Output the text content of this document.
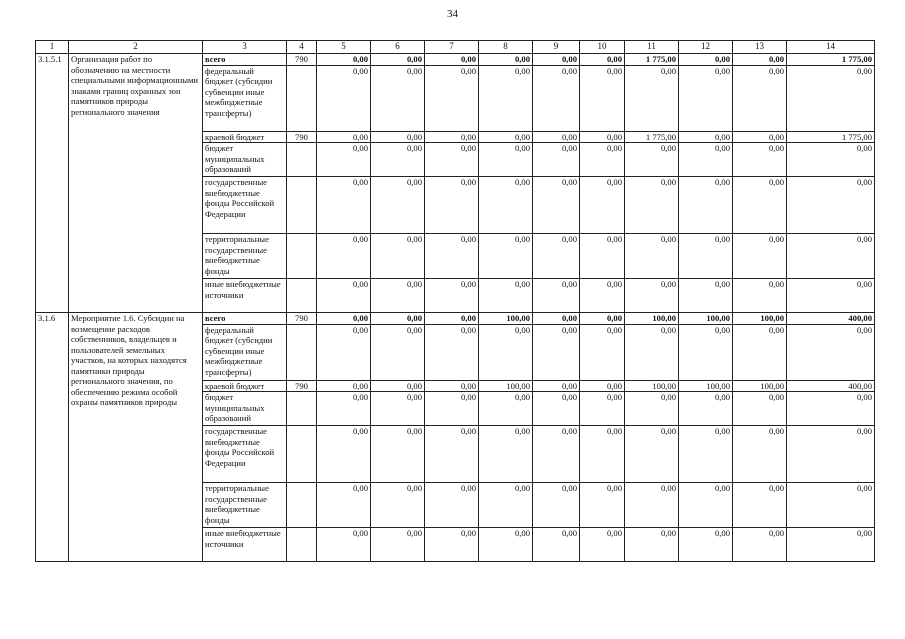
34
1	2	3	4	5	6	7	8	9	10	11	12	13	14
3.1.5.1	Организация работ по обозначению на местности специальными информационными знаками границ охранных зон памятников природы регионального значения	всего	790	0,00	0,00	0,00	0,00	0,00	0,00	1 775,00	0,00	0,00	1 775,00
		федеральный бюджет (субсидии субвенции иные межбюджетные трансферты)		0,00	0,00	0,00	0,00	0,00	0,00	0,00	0,00	0,00	0,00
		краевой бюджет	790	0,00	0,00	0,00	0,00	0,00	0,00	1 775,00	0,00	0,00	1 775,00
		бюджет муниципальных образований		0,00	0,00	0,00	0,00	0,00	0,00	0,00	0,00	0,00	0,00
		государственные внебюджетные фонды Российской Федерации		0,00	0,00	0,00	0,00	0,00	0,00	0,00	0,00	0,00	0,00
		территориальные государственные внебюджетные фонды		0,00	0,00	0,00	0,00	0,00	0,00	0,00	0,00	0,00	0,00
		иные внебюджетные источники		0,00	0,00	0,00	0,00	0,00	0,00	0,00	0,00	0,00	0,00
3.1.6	Мероприятие 1.6. Субсидии на возмещение расходов собственников, владельцев и пользователей земельных участков, на которых находятся памятники природы регионального значения, по обеспечению режима особой охраны памятников природы	всего	790	0,00	0,00	0,00	100,00	0,00	0,00	100,00	100,00	100,00	400,00
		федеральный бюджет (субсидии субвенции иные межбюджетные трансферты)		0,00	0,00	0,00	0,00	0,00	0,00	0,00	0,00	0,00	0,00
		краевой бюджет	790	0,00	0,00	0,00	100,00	0,00	0,00	100,00	100,00	100,00	400,00
		бюджет муниципальных образований		0,00	0,00	0,00	0,00	0,00	0,00	0,00	0,00	0,00	0,00
		государственные внебюджетные фонды Российской Федерации		0,00	0,00	0,00	0,00	0,00	0,00	0,00	0,00	0,00	0,00
		территориальные государственные внебюджетные фонды		0,00	0,00	0,00	0,00	0,00	0,00	0,00	0,00	0,00	0,00
		иные внебюджетные источники		0,00	0,00	0,00	0,00	0,00	0,00	0,00	0,00	0,00	0,00
